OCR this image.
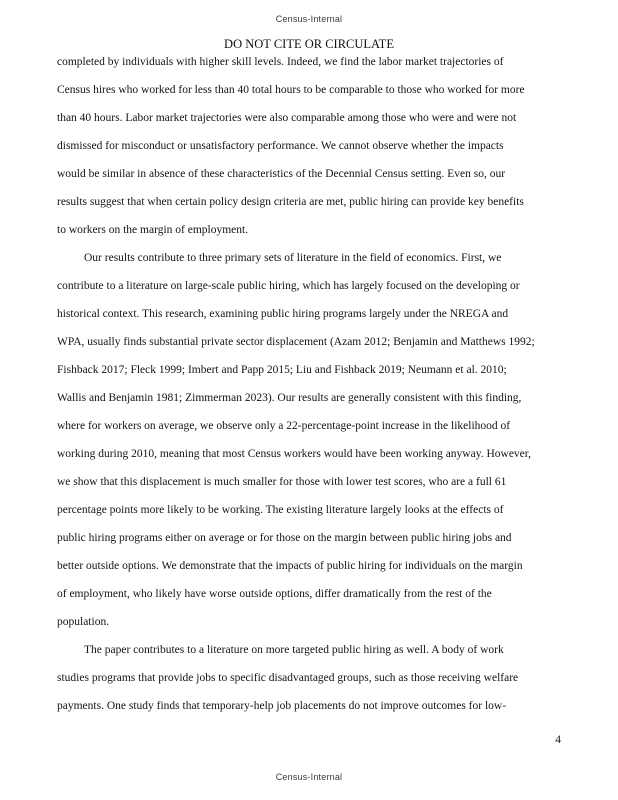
Census-Internal
DO NOT CITE OR CIRCULATE
completed by individuals with higher skill levels. Indeed, we find the labor market trajectories of
Census hires who worked for less than 40 total hours to be comparable to those who worked for more
than 40 hours. Labor market trajectories were also comparable among those who were and were not
dismissed for misconduct or unsatisfactory performance. We cannot observe whether the impacts
would be similar in absence of these characteristics of the Decennial Census setting. Even so, our
results suggest that when certain policy design criteria are met, public hiring can provide key benefits
to workers on the margin of employment.
Our results contribute to three primary sets of literature in the field of economics. First, we
contribute to a literature on large-scale public hiring, which has largely focused on the developing or
historical context. This research, examining public hiring programs largely under the NREGA and
WPA, usually finds substantial private sector displacement (Azam 2012; Benjamin and Matthews 1992;
Fishback 2017; Fleck 1999; Imbert and Papp 2015; Liu and Fishback 2019; Neumann et al. 2010;
Wallis and Benjamin 1981; Zimmerman 2023). Our results are generally consistent with this finding,
where for workers on average, we observe only a 22-percentage-point increase in the likelihood of
working during 2010, meaning that most Census workers would have been working anyway. However,
we show that this displacement is much smaller for those with lower test scores, who are a full 61
percentage points more likely to be working. The existing literature largely looks at the effects of
public hiring programs either on average or for those on the margin between public hiring jobs and
better outside options. We demonstrate that the impacts of public hiring for individuals on the margin
of employment, who likely have worse outside options, differ dramatically from the rest of the
population.
The paper contributes to a literature on more targeted public hiring as well. A body of work
studies programs that provide jobs to specific disadvantaged groups, such as those receiving welfare
payments. One study finds that temporary-help job placements do not improve outcomes for low-
4
Census-Internal
